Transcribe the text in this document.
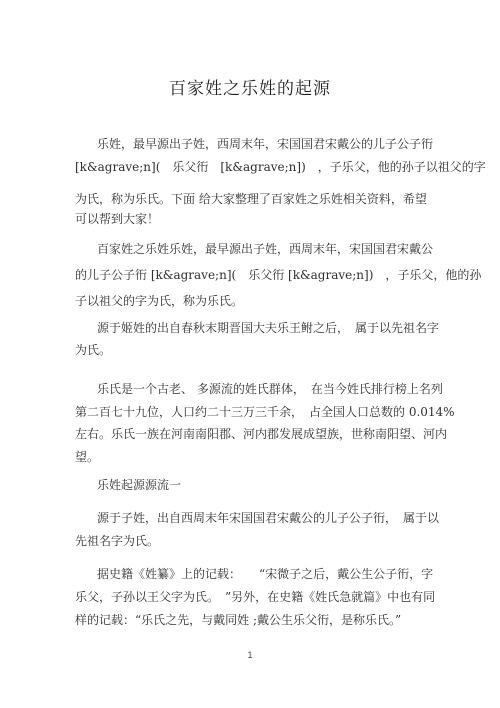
百家姓之乐姓的起源
乐姓，最早源出子姓，西周末年，宋国国君宋戴公的儿子公子衎
[k&agrave;n](　乐父衎　[k&agrave;n])　，子乐父，他的孙子以祖父的字
为氏，称为乐氏。下面 给大家整理了百家姓之乐姓相关资料，希望
可以帮到大家！
百家姓之乐姓乐姓，最早源出子姓，西周末年，宋国国君宋戴公
的儿子公子衎 [k&agrave;n](　乐父衎 [k&agrave;n])　，子乐父，他的孙
子以祖父的字为氏，称为乐氏。
源于姬姓的出自春秋末期晋国大夫乐王鲋之后，　属于以先祖名字
为氏。
乐氏是一个古老、 多源流的姓氏群体，　在当今姓氏排行榜上名列
第二百七十九位，人口约二十三万三千余，　占全国人口总数的 0.014%
左右。乐氏一族在河南南阳郡、河内郡发展成望族，世称南阳望、河内
望。
乐姓起源源流一
源于子姓，出自西周末年宋国国君宋戴公的儿子公子衎，　属于以
先祖名字为氏。
据史籍《姓纂》上的记载：　　“宋微子之后，戴公生公子衎，字
乐父，子孙以王父字为氏。　”另外，在史籍《姓氏急就篇》中也有同
样的记载：“乐氏之先，与戴同姓 ;戴公生乐父衎，是称乐氏。”
1
